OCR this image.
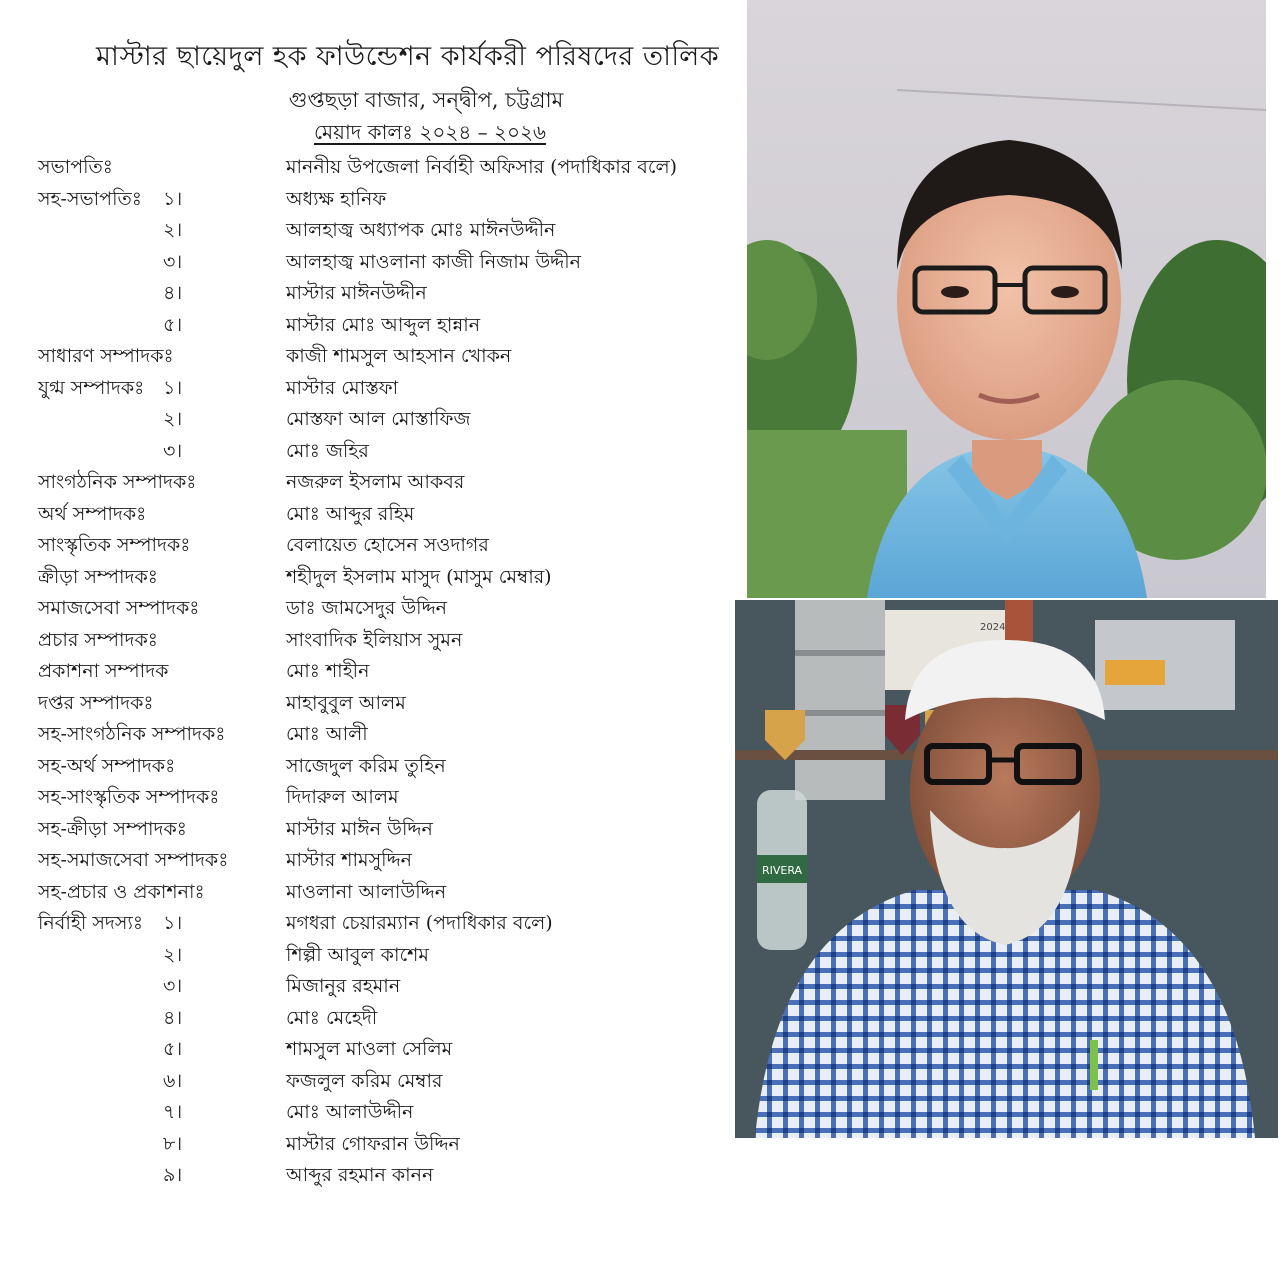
মাস্টার ছায়েদুল হক ফাউন্ডেশন কার্যকরী পরিষদের তালিক
গুপ্তছড়া বাজার, সন্দ্বীপ, চট্টগ্রাম
মেয়াদ কালঃ ২০২৪ – ২০২৬
সভাপতিঃ	মাননীয় উপজেলা নির্বাহী অফিসার (পদাধিকার বলে)
সহ-সভাপতিঃ ১।	অধ্যক্ষ হানিফ
২।	আলহাজ্ব অধ্যাপক মোঃ মাঈনউদ্দীন
৩।	আলহাজ্ব মাওলানা কাজী নিজাম উদ্দীন
৪।	মাস্টার মাঈনউদ্দীন
৫।	মাস্টার মোঃ আব্দুল হান্নান
সাধারণ সম্পাদকঃ	কাজী শামসুল আহসান খোকন
যুগ্ম সম্পাদকঃ ১।	মাস্টার মোস্তফা
২।	মোস্তফা আল মোস্তাফিজ
৩।	মোঃ জহির
সাংগঠনিক সম্পাদকঃ	নজরুল ইসলাম আকবর
অর্থ সম্পাদকঃ	মোঃ আব্দুর রহিম
সাংস্কৃতিক সম্পাদকঃ	বেলায়েত হোসেন সওদাগর
ক্রীড়া সম্পাদকঃ	শহীদুল ইসলাম মাসুদ (মাসুম মেম্বার)
সমাজসেবা সম্পাদকঃ	ডাঃ জামসেদুর উদ্দিন
প্রচার সম্পাদকঃ	সাংবাদিক ইলিয়াস সুমন
প্রকাশনা সম্পাদক	মোঃ শাহীন
দপ্তর সম্পাদকঃ	মাহাবুবুল আলম
সহ-সাংগঠনিক সম্পাদকঃ	মোঃ আলী
সহ-অর্থ সম্পাদকঃ	সাজেদুল করিম তুহিন
সহ-সাংস্কৃতিক সম্পাদকঃ	দিদারুল আলম
সহ-ক্রীড়া সম্পাদকঃ	মাস্টার মাঈন উদ্দিন
সহ-সমাজসেবা সম্পাদকঃ	মাস্টার শামসুদ্দিন
সহ-প্রচার ও প্রকাশনাঃ	মাওলানা আলাউদ্দিন
নির্বাহী সদস্যঃ ১।	মগধরা চেয়ারম্যান (পদাধিকার বলে)
২।	শিল্পী আবুল কাশেম
৩।	মিজানুর রহমান
৪।	মোঃ মেহেদী
৫।	শামসুল মাওলা সেলিম
৬।	ফজলুল করিম মেম্বার
৭।	মোঃ আলাউদ্দীন
৮।	মাস্টার গোফরান উদ্দিন
৯।	আব্দুর রহমান কানন
2024
RIVERA
